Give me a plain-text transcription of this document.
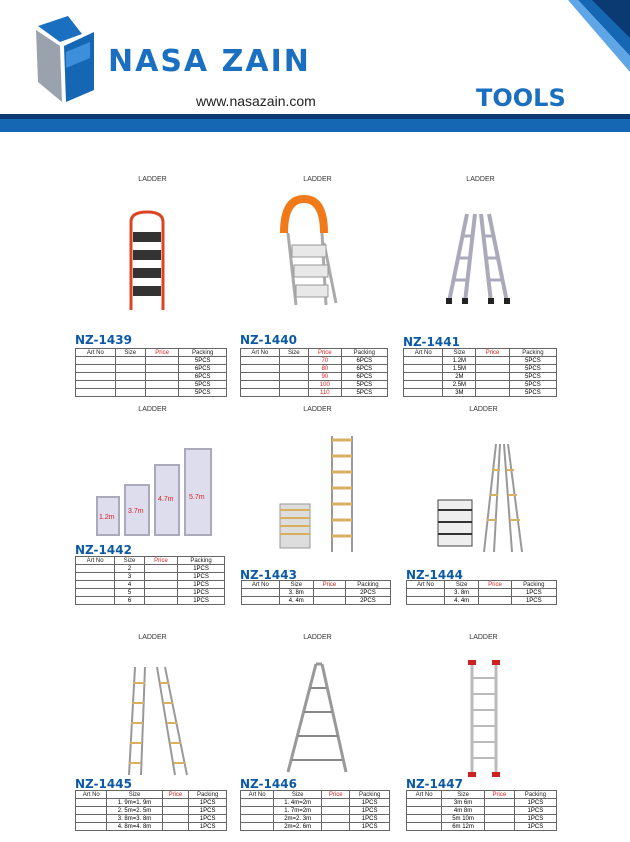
NASA ZAIN
www.nasazain.com	TOOLS
LADDER
NZ-1439
LADDER
NZ-1440
LADDER
NZ-1441
LADDER
1.2m
3.7m
4.7m 5.7m
NZ-1442
LADDER
NZ-1443
LADDER
NZ-1444
LADDER
NZ-1445
LADDER
NZ-1446
LADDER
NZ-1447
Art No	Size	Price	Packing
			5PCS
			6PCS
			6PCS
			5PCS
			5PCS
Art No	Size	Price	Packing
		70	6PCS
		80	6PCS
		90	6PCS
		100	5PCS
		110	5PCS
Art No	Size	Price	Packing
	1.2M		5PCS
	1.5M		5PCS
	2M		5PCS
	2.5M		5PCS
	3M		5PCS
Art No	Size	Price	Packing
	2		1PCS
	3		1PCS
	4		1PCS
	5		1PCS
	6		1PCS
Art No	Size	Price	Packing
	3. 8m		2PCS
	4. 4m		2PCS
Art No	Size	Price	Packing
	3. 8m		1PCS
	4. 4m		1PCS
Art No	Size	Price	Packing
	1. 9m=1. 9m		1PCS
	2. 5m=2. 5m		1PCS
	3. 8m=3. 8m		1PCS
	4. 8m=4. 8m		1PCS
Art No	Size	Price	Packing
	1. 4m=2m		1PCS
	1. 7m=2m		1PCS
	2m=2. 3m		1PCS
	2m=2. 6m		1PCS
Art No	Size	Price	Packing
	3m 6m		1PCS
	4m 8m		1PCS
	5m 10m		1PCS
	6m 12m		1PCS
